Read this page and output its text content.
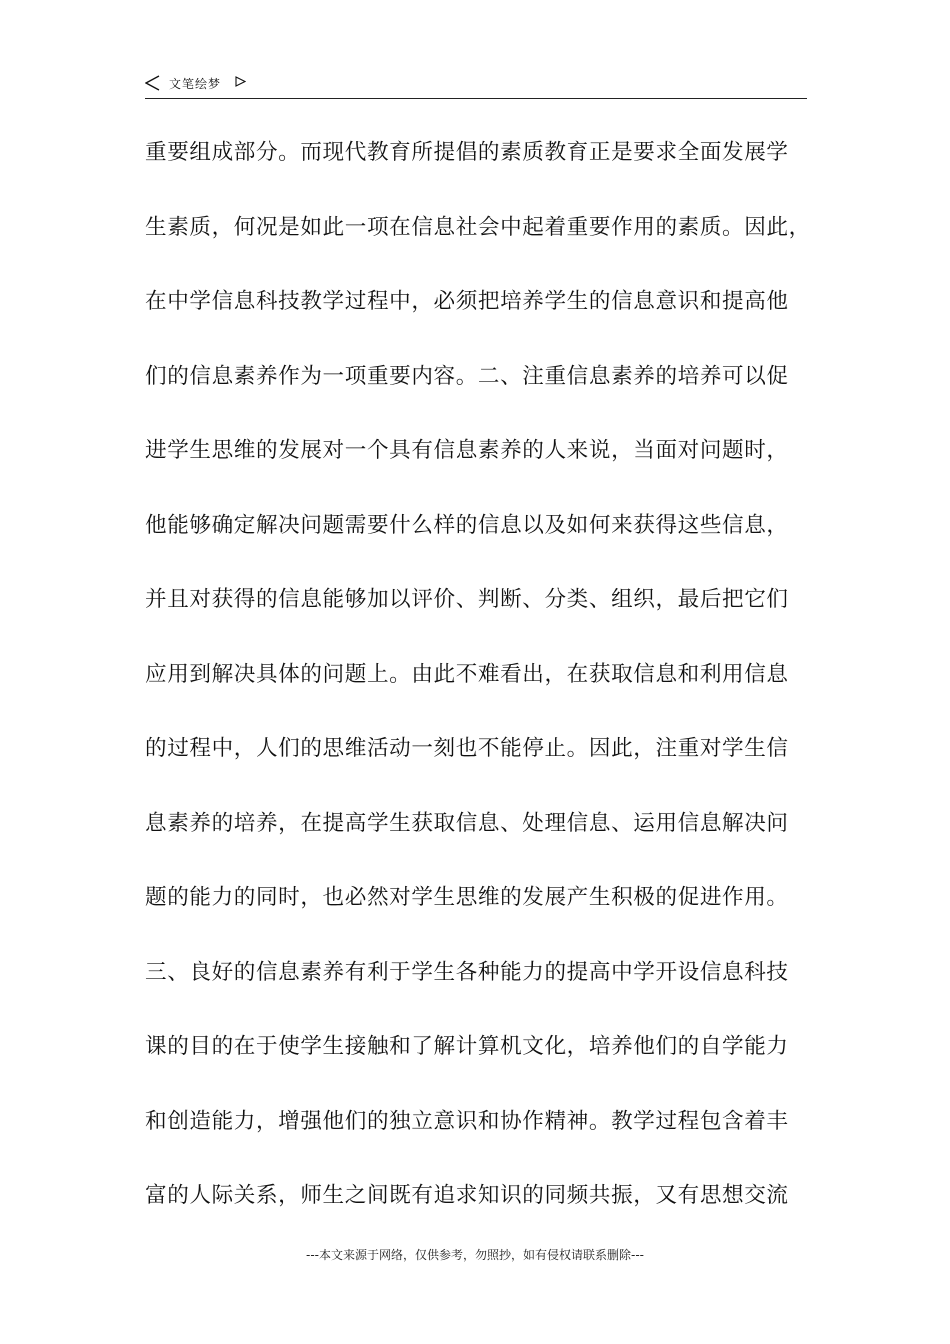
文笔绘梦
重要组成部分。而现代教育所提倡的素质教育正是要求全面发展学
生素质，何况是如此一项在信息社会中起着重要作用的素质。因此，
在中学信息科技教学过程中，必须把培养学生的信息意识和提高他
们的信息素养作为一项重要内容。二、注重信息素养的培养可以促
进学生思维的发展对一个具有信息素养的人来说，当面对问题时，
他能够确定解决问题需要什么样的信息以及如何来获得这些信息，
并且对获得的信息能够加以评价、判断、分类、组织，最后把它们
应用到解决具体的问题上。由此不难看出，在获取信息和利用信息
的过程中，人们的思维活动一刻也不能停止。因此，注重对学生信
息素养的培养，在提高学生获取信息、处理信息、运用信息解决问
题的能力的同时，也必然对学生思维的发展产生积极的促进作用。
三、良好的信息素养有利于学生各种能力的提高中学开设信息科技
课的目的在于使学生接触和了解计算机文化，培养他们的自学能力
和创造能力，增强他们的独立意识和协作精神。教学过程包含着丰
富的人际关系，师生之间既有追求知识的同频共振，又有思想交流
---本文来源于网络，仅供参考，勿照抄，如有侵权请联系删除---
